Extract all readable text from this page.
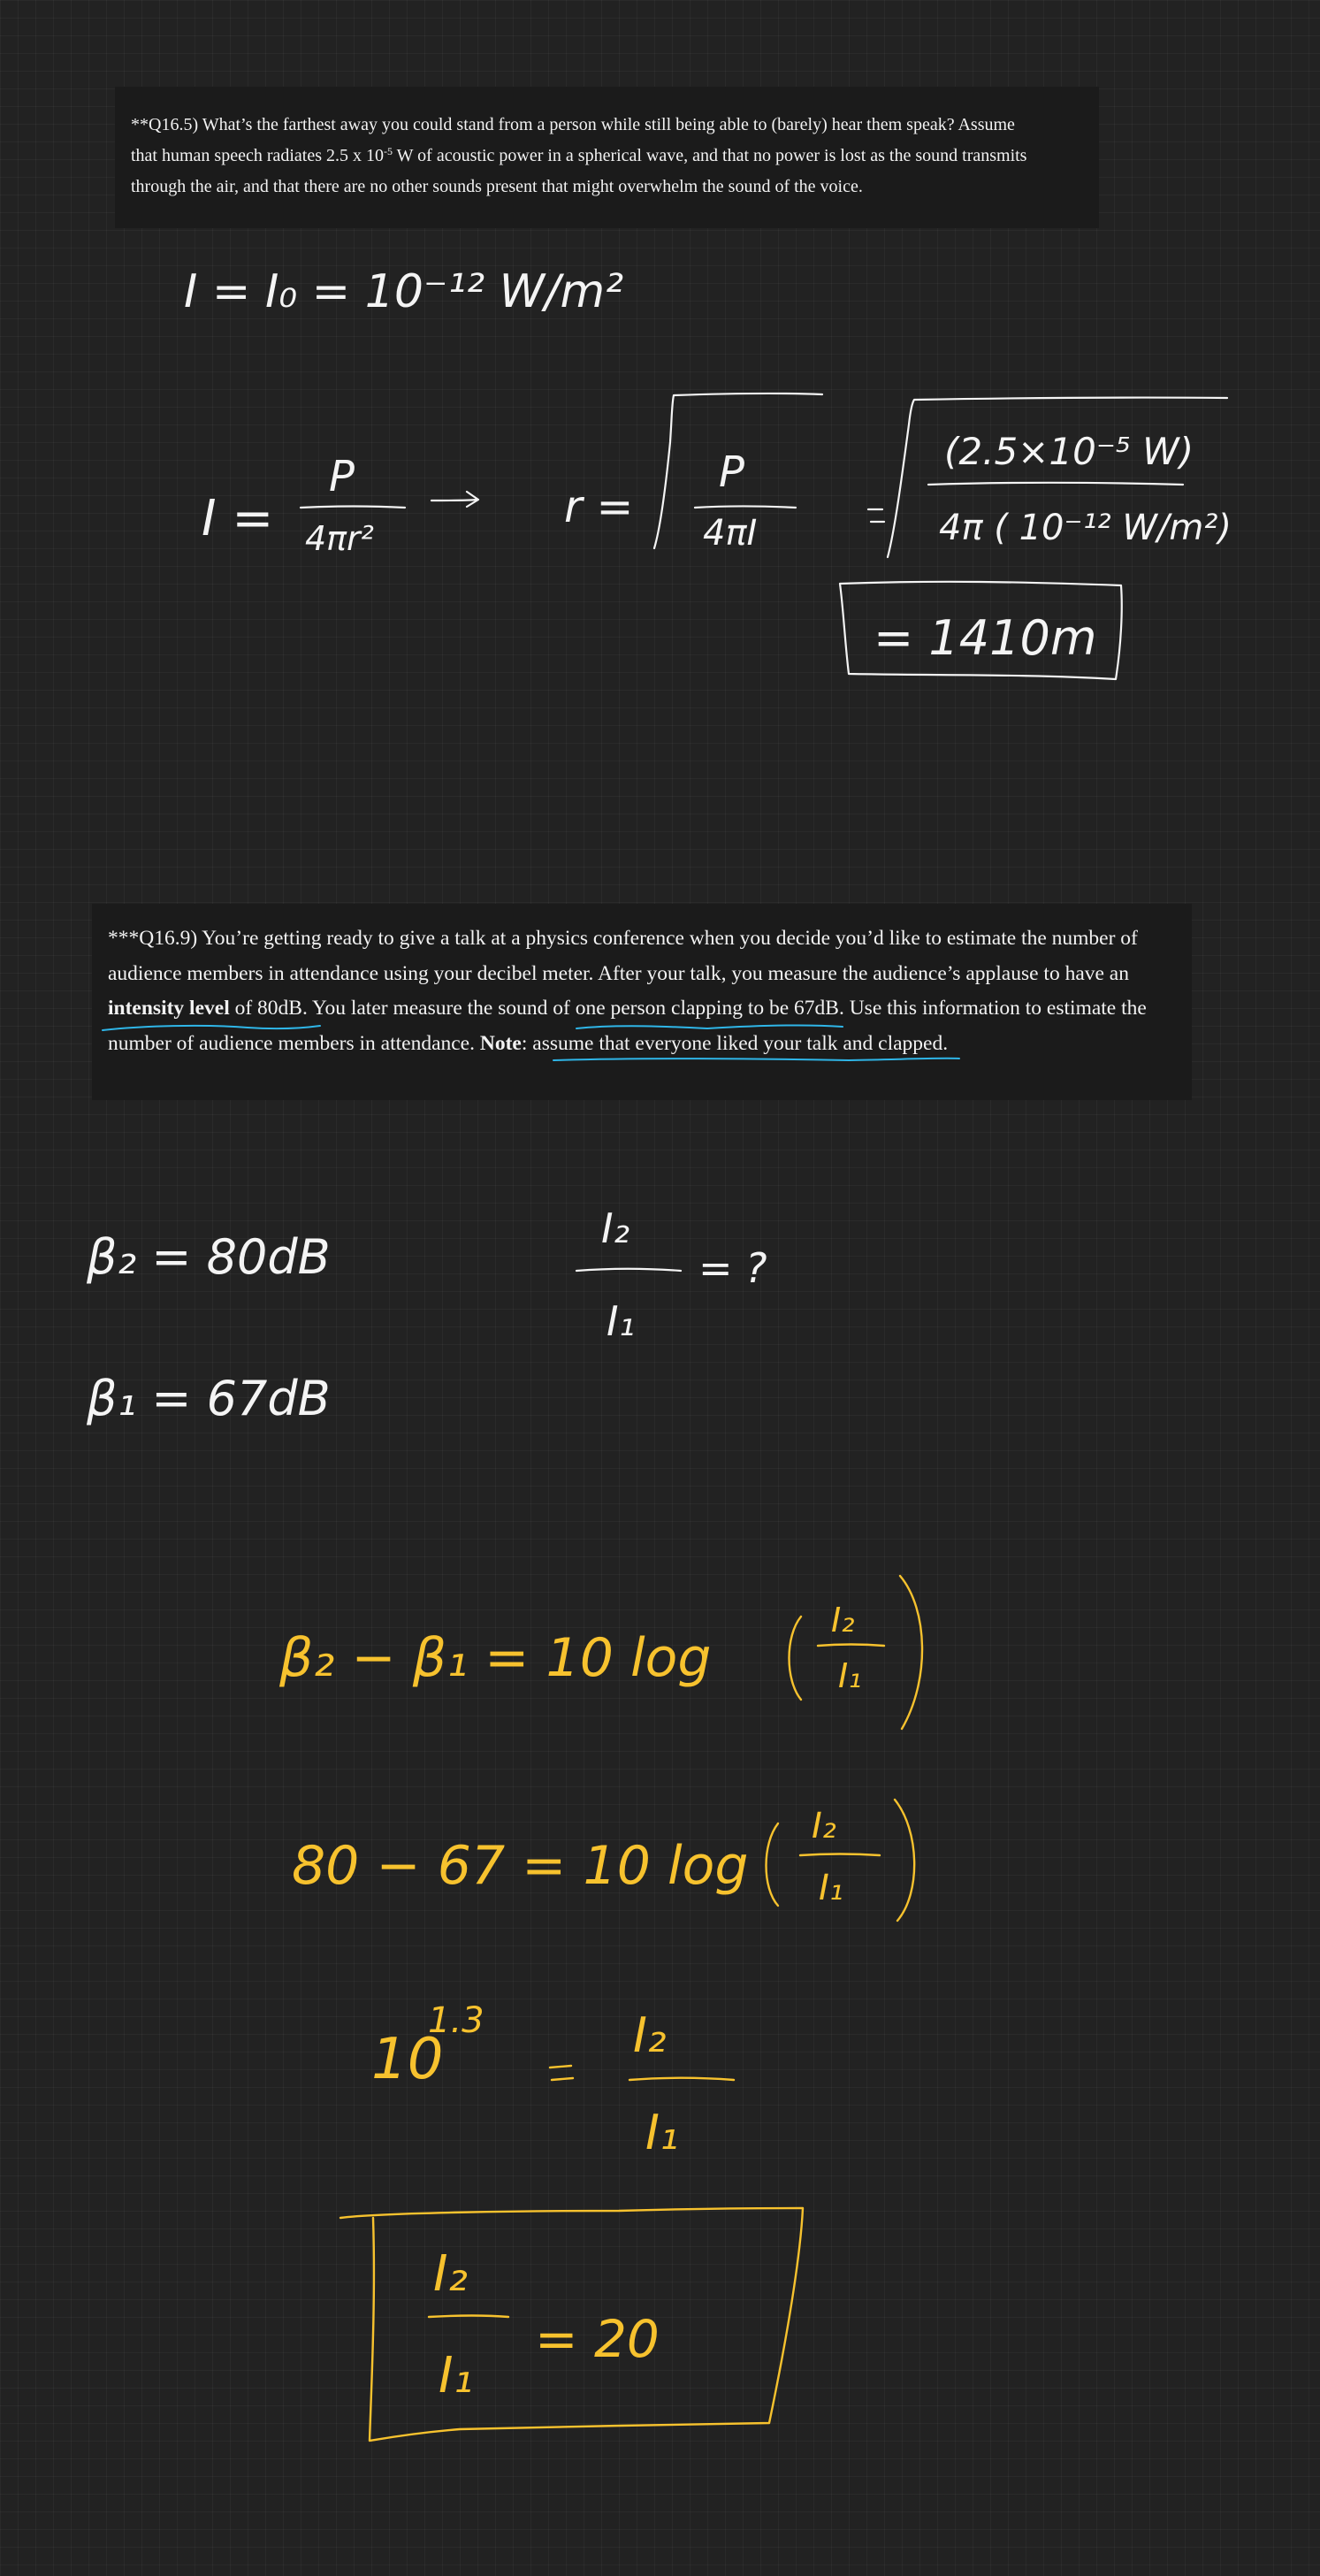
**Q16.5) What’s the farthest away you could stand from a person while still being able to (barely) hear them speak? Assume
that human speech radiates 2.5 x $10^{-5}$ W of acoustic power in a spherical wave, and that no power is lost as the sound transmits
through the air, and that there are no other sounds present that might overwhelm the sound of the voice.
***Q16.9) You’re getting ready to give a talk at a physics conference when you decide you’d like to estimate the number of
audience members in attendance using your decibel meter. After your talk, you measure the audience’s applause to have an
intensity level of 80dB. You later measure the sound of one person clapping to be 67dB. Use this information to estimate the
number of audience members in attendance. Note: assume that everyone liked your talk and clapped.
I = I₀ = 10⁻¹² W/m²
I =
P
4πr²
r =
P
4πI
(2.5×10⁻⁵ W)
4π ( 10⁻¹² W/m²)
= 1410m
β₂ = 80dB
β₁ = 67dB
I₂
I₁
= ?
β₂ − β₁ = 10 log
I₂
I₁
80 − 67 = 10 log
I₂
I₁
10
1.3	I₂
I₁
I₂
I₁
= 20
